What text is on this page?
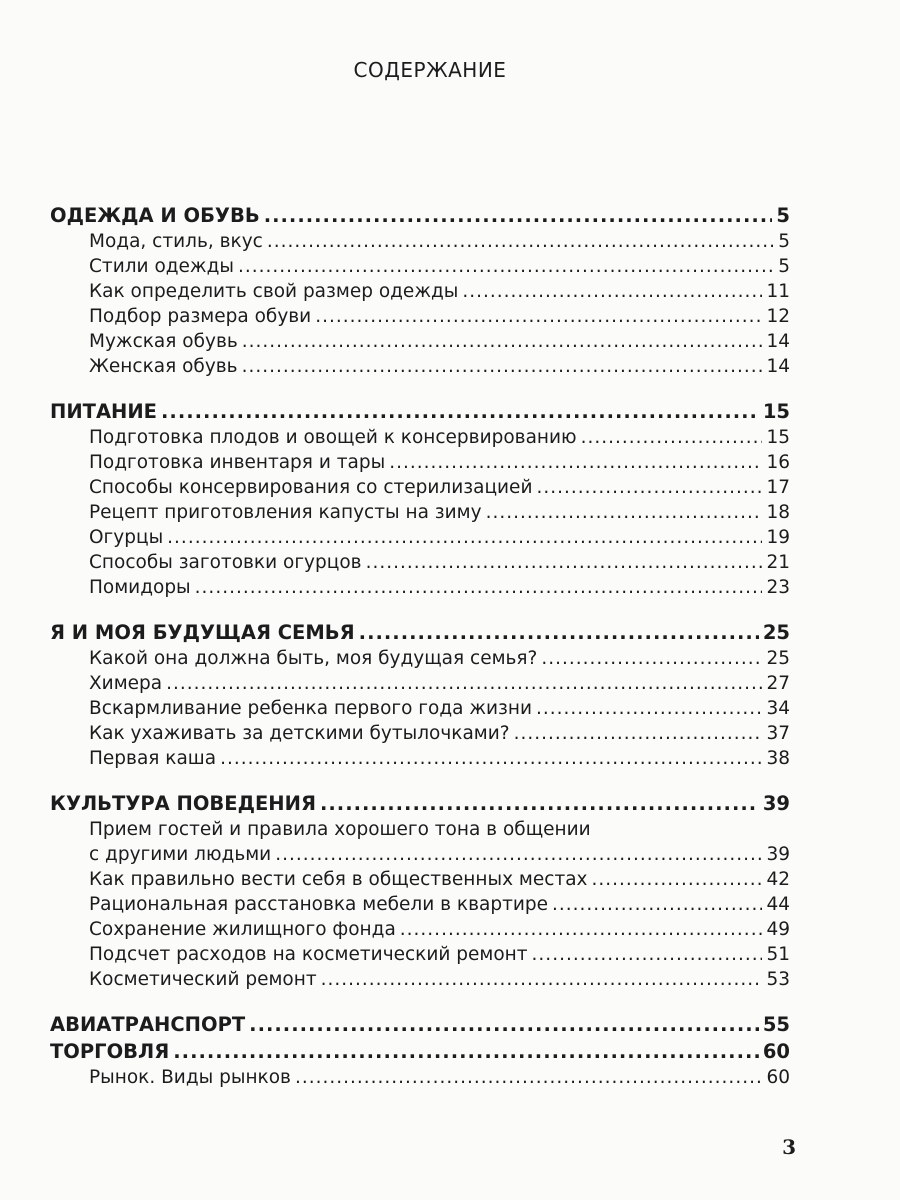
СОДЕРЖАНИЕ
ОДЕЖДА И ОБУВЬ .....	5
Мода, стиль, вкус .....	5
Стили одежды .....	5
Как определить свой размер одежды .....	11
Подбор размера обуви .....	12
Мужская обувь .....	14
Женская обувь .....	14
ПИТАНИЕ .....	15
Подготовка плодов и овощей к консервированию .....	15
Подготовка инвентаря и тары .....	16
Способы консервирования со стерилизацией .....	17
Рецепт приготовления капусты на зиму .....	18
Огурцы .....	19
Способы заготовки огурцов .....	21
Помидоры .....	23
Я И МОЯ БУДУЩАЯ СЕМЬЯ .....	25
Какой она должна быть, моя будущая семья? .....	25
Химера .....	27
Вскармливание ребенка первого года жизни .....	34
Как ухаживать за детскими бутылочками? .....	37
Первая каша .....	38
КУЛЬТУРА ПОВЕДЕНИЯ .....	39
Прием гостей и правила хорошего тона в общении
с другими людьми .....	39
Как правильно вести себя в общественных местах .....	42
Рациональная расстановка мебели в квартире .....	44
Сохранение жилищного фонда .....	49
Подсчет расходов на косметический ремонт .....	51
Косметический ремонт .....	53
АВИАТРАНСПОРТ .....	55
ТОРГОВЛЯ .....	60
Рынок. Виды рынков .....	60
3
